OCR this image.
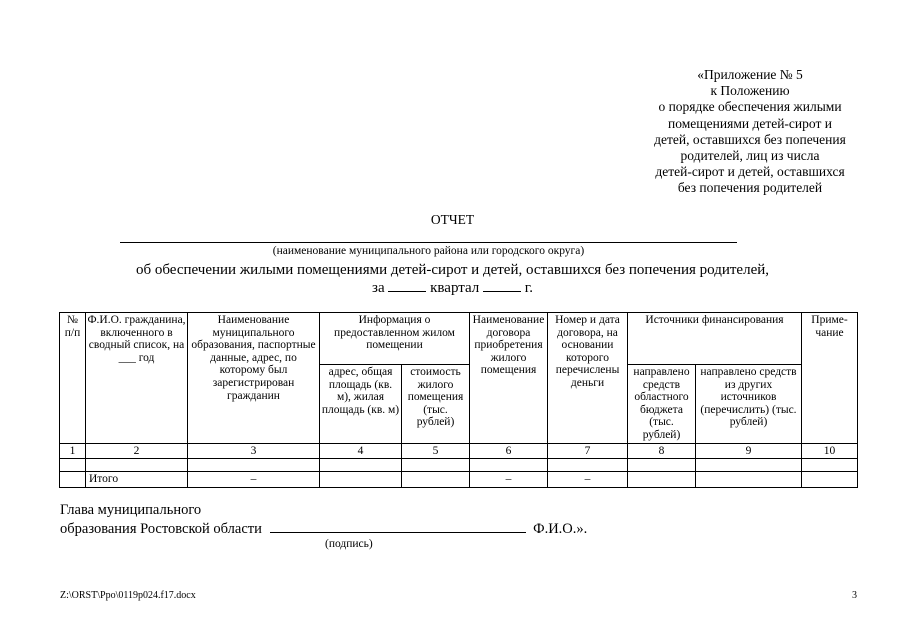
«Приложение № 5
к Положению
о порядке обеспечения жилыми
помещениями детей-сирот и
детей, оставшихся без попечения
родителей, лиц из числа
детей-сирот и детей, оставшихся
без попечения родителей
ОТЧЕТ
(наименование муниципального района или городского округа)
об обеспечении жилыми помещениями детей-сирот и детей, оставшихся без попечения родителей,
за	квартал	г.
№ п/п	Ф.И.О. гражданина, включенного в сводный список, на ___ год	Наименование муниципального образования, паспортные данные, адрес, по которому был зарегистрирован гражданин	Информация о предоставленном жилом помещении		Наименование договора приобретения жилого помещения	Номер и дата договора, на основании которого перечислены деньги	Источники финансирования		Приме-чание
			адрес, общая площадь (кв. м), жилая площадь (кв. м)	стоимость жилого помещения (тыс. рублей)			направлено средств областного бюджета (тыс. рублей)	направлено средств из других источников (перечислить) (тыс. рублей)	
1	2	3	4	5	6	7	8	9	10

	Итого	–			–	–			
Глава муниципального
образования Ростовской области	Ф.И.О.».
(подпись)
Z:\ORST\Ppo\0119p024.f17.docx	3
